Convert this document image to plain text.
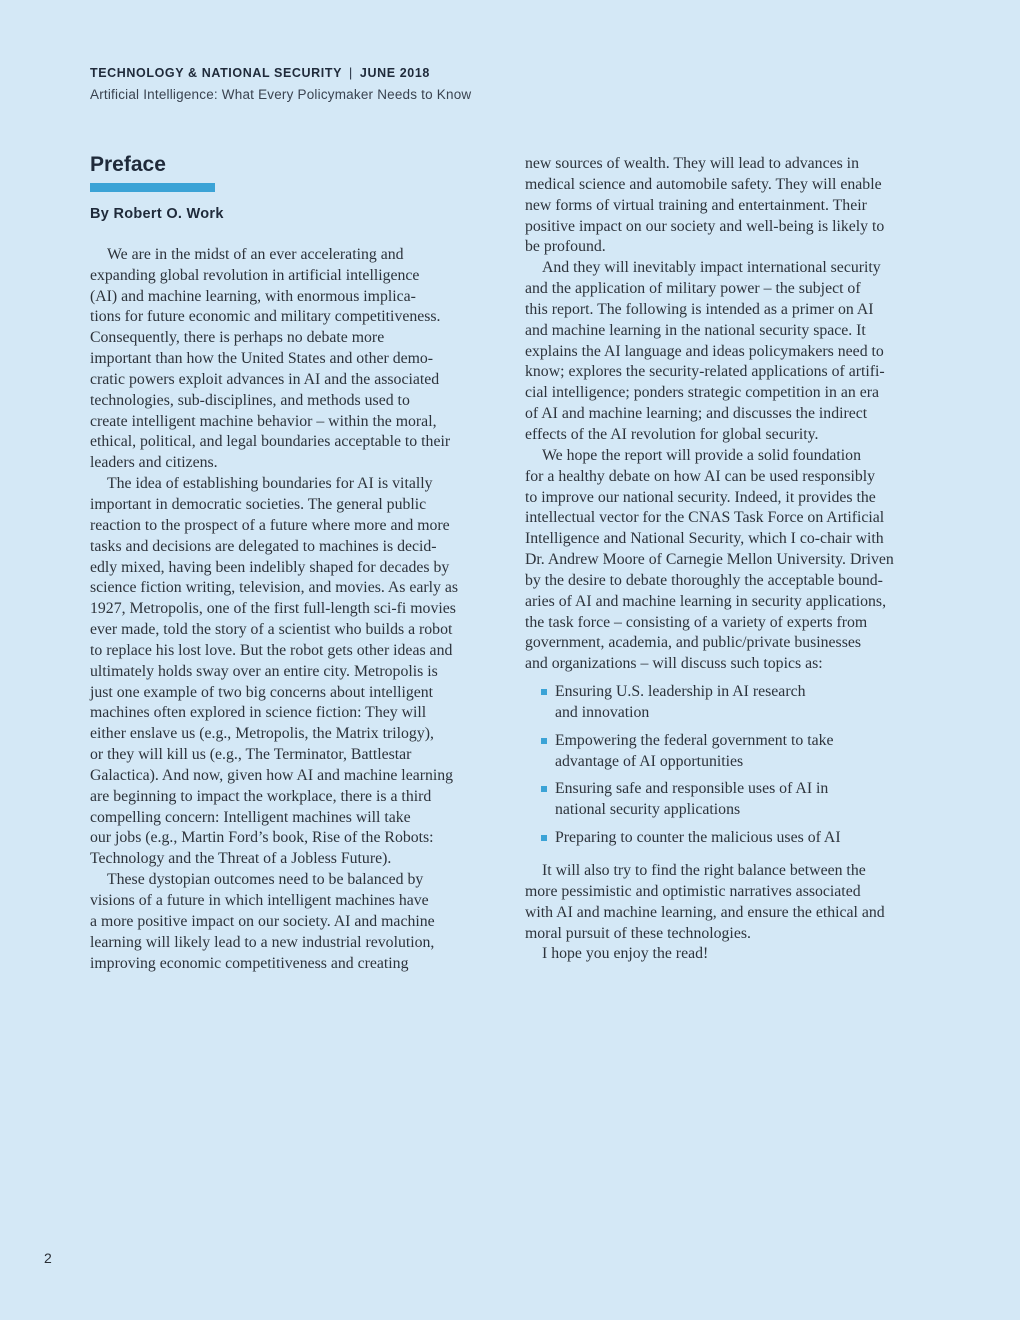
TECHNOLOGY & NATIONAL SECURITY | JUNE 2018
Artificial Intelligence: What Every Policymaker Needs to Know
Preface
By Robert O. Work
We are in the midst of an ever accelerating and
expanding global revolution in artificial intelligence
(AI) and machine learning, with enormous implica-
tions for future economic and military competitiveness.
Consequently, there is perhaps no debate more
important than how the United States and other demo-
cratic powers exploit advances in AI and the associated
technologies, sub-disciplines, and methods used to
create intelligent machine behavior – within the moral,
ethical, political, and legal boundaries acceptable to their
leaders and citizens.
The idea of establishing boundaries for AI is vitally
important in democratic societies. The general public
reaction to the prospect of a future where more and more
tasks and decisions are delegated to machines is decid-
edly mixed, having been indelibly shaped for decades by
science fiction writing, television, and movies. As early as
1927, Metropolis, one of the first full-length sci-fi movies
ever made, told the story of a scientist who builds a robot
to replace his lost love. But the robot gets other ideas and
ultimately holds sway over an entire city. Metropolis is
just one example of two big concerns about intelligent
machines often explored in science fiction: They will
either enslave us (e.g., Metropolis, the Matrix trilogy),
or they will kill us (e.g., The Terminator, Battlestar
Galactica). And now, given how AI and machine learning
are beginning to impact the workplace, there is a third
compelling concern: Intelligent machines will take
our jobs (e.g., Martin Ford’s book, Rise of the Robots:
Technology and the Threat of a Jobless Future).
These dystopian outcomes need to be balanced by
visions of a future in which intelligent machines have
a more positive impact on our society. AI and machine
learning will likely lead to a new industrial revolution,
improving economic competitiveness and creating
new sources of wealth. They will lead to advances in
medical science and automobile safety. They will enable
new forms of virtual training and entertainment. Their
positive impact on our society and well-being is likely to
be profound.
And they will inevitably impact international security
and the application of military power – the subject of
this report. The following is intended as a primer on AI
and machine learning in the national security space. It
explains the AI language and ideas policymakers need to
know; explores the security-related applications of artifi-
cial intelligence; ponders strategic competition in an era
of AI and machine learning; and discusses the indirect
effects of the AI revolution for global security.
We hope the report will provide a solid foundation
for a healthy debate on how AI can be used responsibly
to improve our national security. Indeed, it provides the
intellectual vector for the CNAS Task Force on Artificial
Intelligence and National Security, which I co-chair with
Dr. Andrew Moore of Carnegie Mellon University. Driven
by the desire to debate thoroughly the acceptable bound-
aries of AI and machine learning in security applications,
the task force – consisting of a variety of experts from
government, academia, and public/private businesses
and organizations – will discuss such topics as:
Ensuring U.S. leadership in AI research
and innovation
Empowering the federal government to take
advantage of AI opportunities
Ensuring safe and responsible uses of AI in
national security applications
Preparing to counter the malicious uses of AI
It will also try to find the right balance between the
more pessimistic and optimistic narratives associated
with AI and machine learning, and ensure the ethical and
moral pursuit of these technologies.
I hope you enjoy the read!
2
